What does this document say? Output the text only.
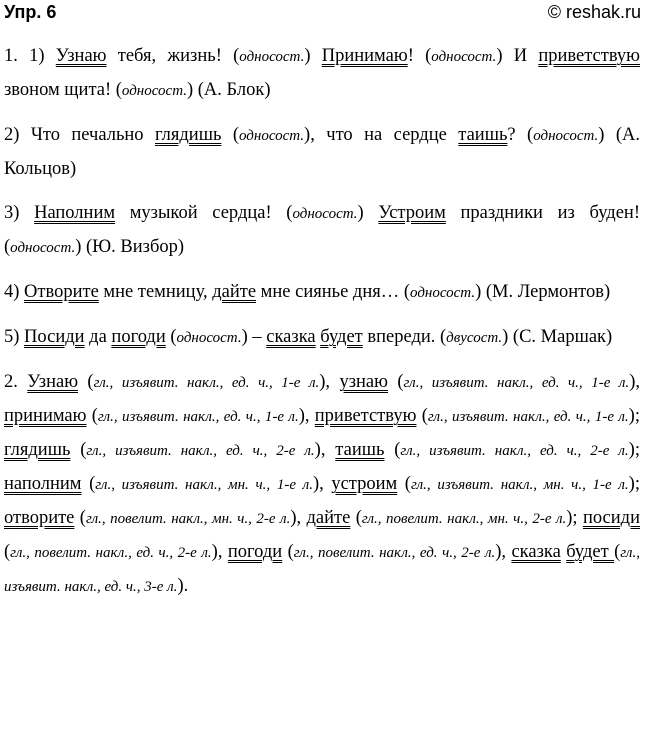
Упр. 6	© reshak.ru

1. 1) Узнаю тебя, жизнь! (односост.) Принимаю! (односост.) И приветствую звоном щита! (односост.) (А. Блок)

2) Что печально глядишь (односост.), что на сердце таишь? (односост.) (А. Кольцов)

3) Наполним музыкой сердца! (односост.) Устроим праздники из буден! (односост.) (Ю. Визбор)

4) Отворите мне темницу, дайте мне сиянье дня… (односост.) (М. Лермонтов)

5) Посиди да погоди (односост.) – сказка будет впереди. (двусост.) (С. Маршак)

2. Узнаю (гл., изъявит. накл., ед. ч., 1-е л.), узнаю (гл., изъявит. накл., ед. ч., 1-е л.), принимаю (гл., изъявит. накл., ед. ч., 1-е л.), приветствую (гл., изъявит. накл., ед. ч., 1-е л.); глядишь (гл., изъявит. накл., ед. ч., 2-е л.), таишь (гл., изъявит. накл., ед. ч., 2-е л.); наполним (гл., изъявит. накл., мн. ч., 1-е л.), устроим (гл., изъявит. накл., мн. ч., 1-е л.); отворите (гл., повелит. накл., мн. ч., 2-е л.), дайте (гл., повелит. накл., мн. ч., 2-е л.); посиди (гл., повелит. накл., ед. ч., 2-е л.), погоди (гл., повелит. накл., ед. ч., 2-е л.), сказка будет (гл., изъявит. накл., ед. ч., 3-е л.).
